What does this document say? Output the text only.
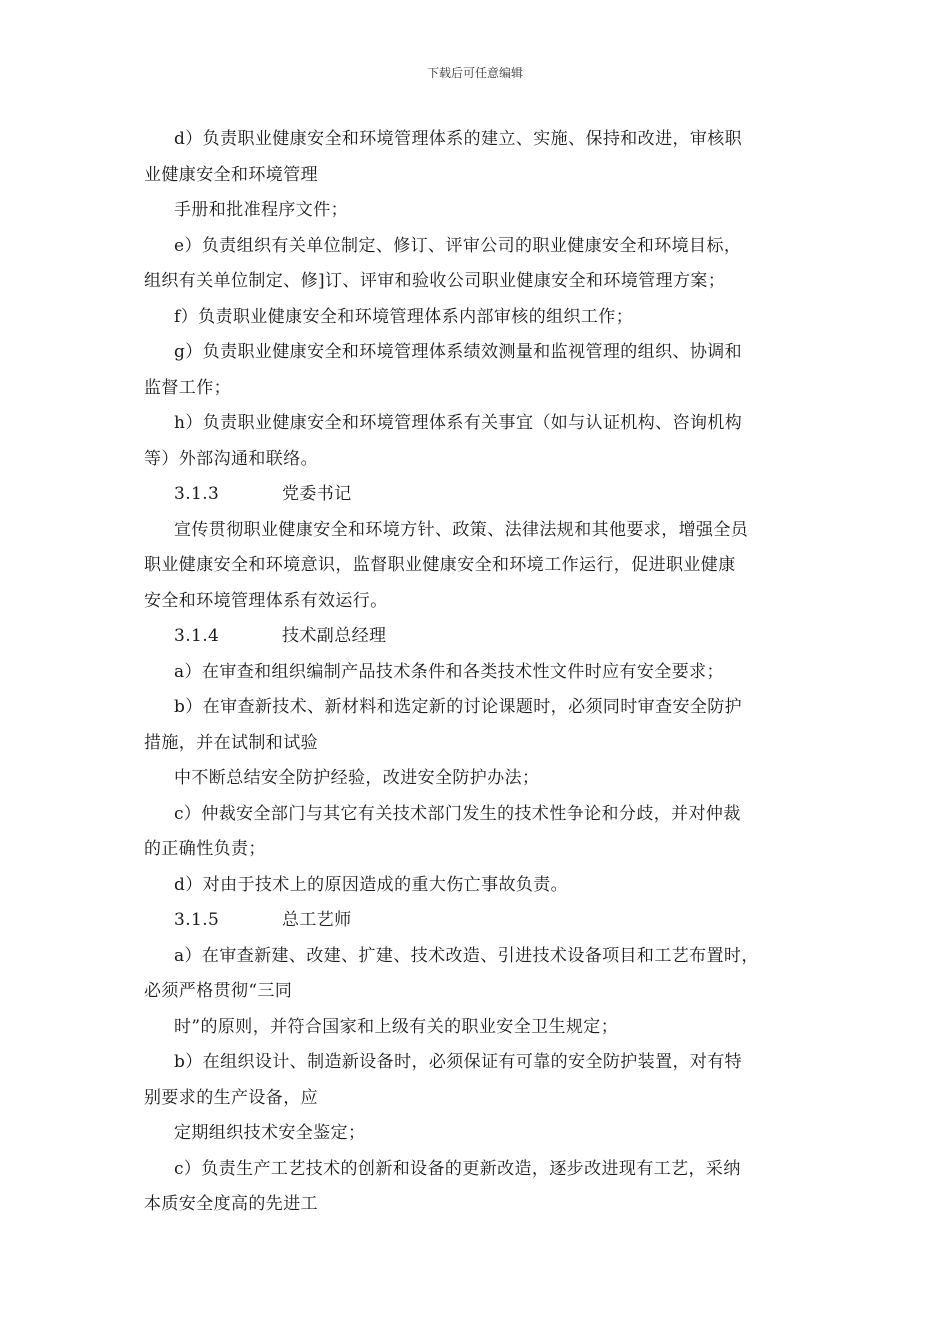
下载后可任意编辑
d）负责职业健康安全和环境管理体系的建立、实施、保持和改进，审核职
业健康安全和环境管理
手册和批准程序文件；
e）负责组织有关单位制定、修订、评审公司的职业健康安全和环境目标，
组织有关单位制定、修]订、评审和验收公司职业健康安全和环境管理方案；
f）负责职业健康安全和环境管理体系内部审核的组织工作；
g）负责职业健康安全和环境管理体系绩效测量和监视管理的组织、协调和
监督工作；
h）负责职业健康安全和环境管理体系有关事宜（如与认证机构、咨询机构
等）外部沟通和联络。
3.1.3	党委书记
宣传贯彻职业健康安全和环境方针、政策、法律法规和其他要求，增强全员
职业健康安全和环境意识，监督职业健康安全和环境工作运行，促进职业健康
安全和环境管理体系有效运行。
3.1.4	技术副总经理
a）在审查和组织编制产品技术条件和各类技术性文件时应有安全要求；
b）在审查新技术、新材料和选定新的讨论课题时，必须同时审查安全防护
措施，并在试制和试验
中不断总结安全防护经验，改进安全防护办法；
c）仲裁安全部门与其它有关技术部门发生的技术性争论和分歧，并对仲裁
的正确性负责；
d）对由于技术上的原因造成的重大伤亡事故负责。
3.1.5	总工艺师
a）在审查新建、改建、扩建、技术改造、引进技术设备项目和工艺布置时，
必须严格贯彻“三同
时”的原则，并符合国家和上级有关的职业安全卫生规定；
b）在组织设计、制造新设备时，必须保证有可靠的安全防护装置，对有特
别要求的生产设备，应
定期组织技术安全鉴定；
c）负责生产工艺技术的创新和设备的更新改造，逐步改进现有工艺，采纳
本质安全度高的先进工
